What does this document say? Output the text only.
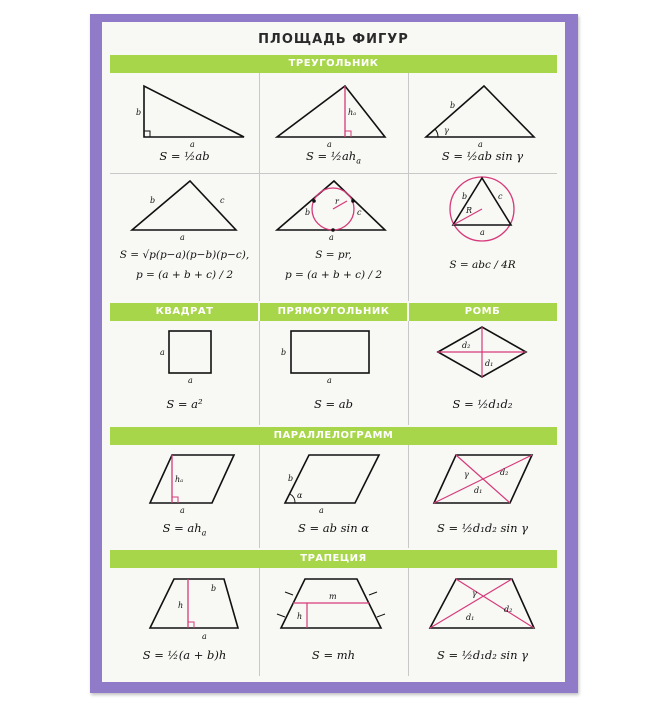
ПЛОЩАДЬ ФИГУР
ТРЕУГОЛЬНИК
b
a
S = ½ab
hₐ
a
$S = \frac{1}{2}ah_a$
b
γ
a
S = ½ab sin γ
b	c
a
S = √p(p−a)(p−b)(p−c),
p = (a + b + c) / 2
r
b	c
a
S = pr,
p = (a + b + c) / 2
R
b	c
a
S = abc / 4R
КВАДРАТ	ПРЯМОУГОЛЬНИК	РОМБ
a
a
S = a²
b
a
S = ab
d₂
d₁
S = ½d₁d₂
ПАРАЛЛЕЛОГРАММ
hₐ
a
$S = ah_a$
α
b
a
S = ab sin α
γ	d₂
d₁
S = ½d₁d₂ sin γ
ТРАПЕЦИЯ
h
b
a
S = ½(a + b)h
m
h
S = mh
γ
d₂
d₁
S = ½d₁d₂ sin γ
